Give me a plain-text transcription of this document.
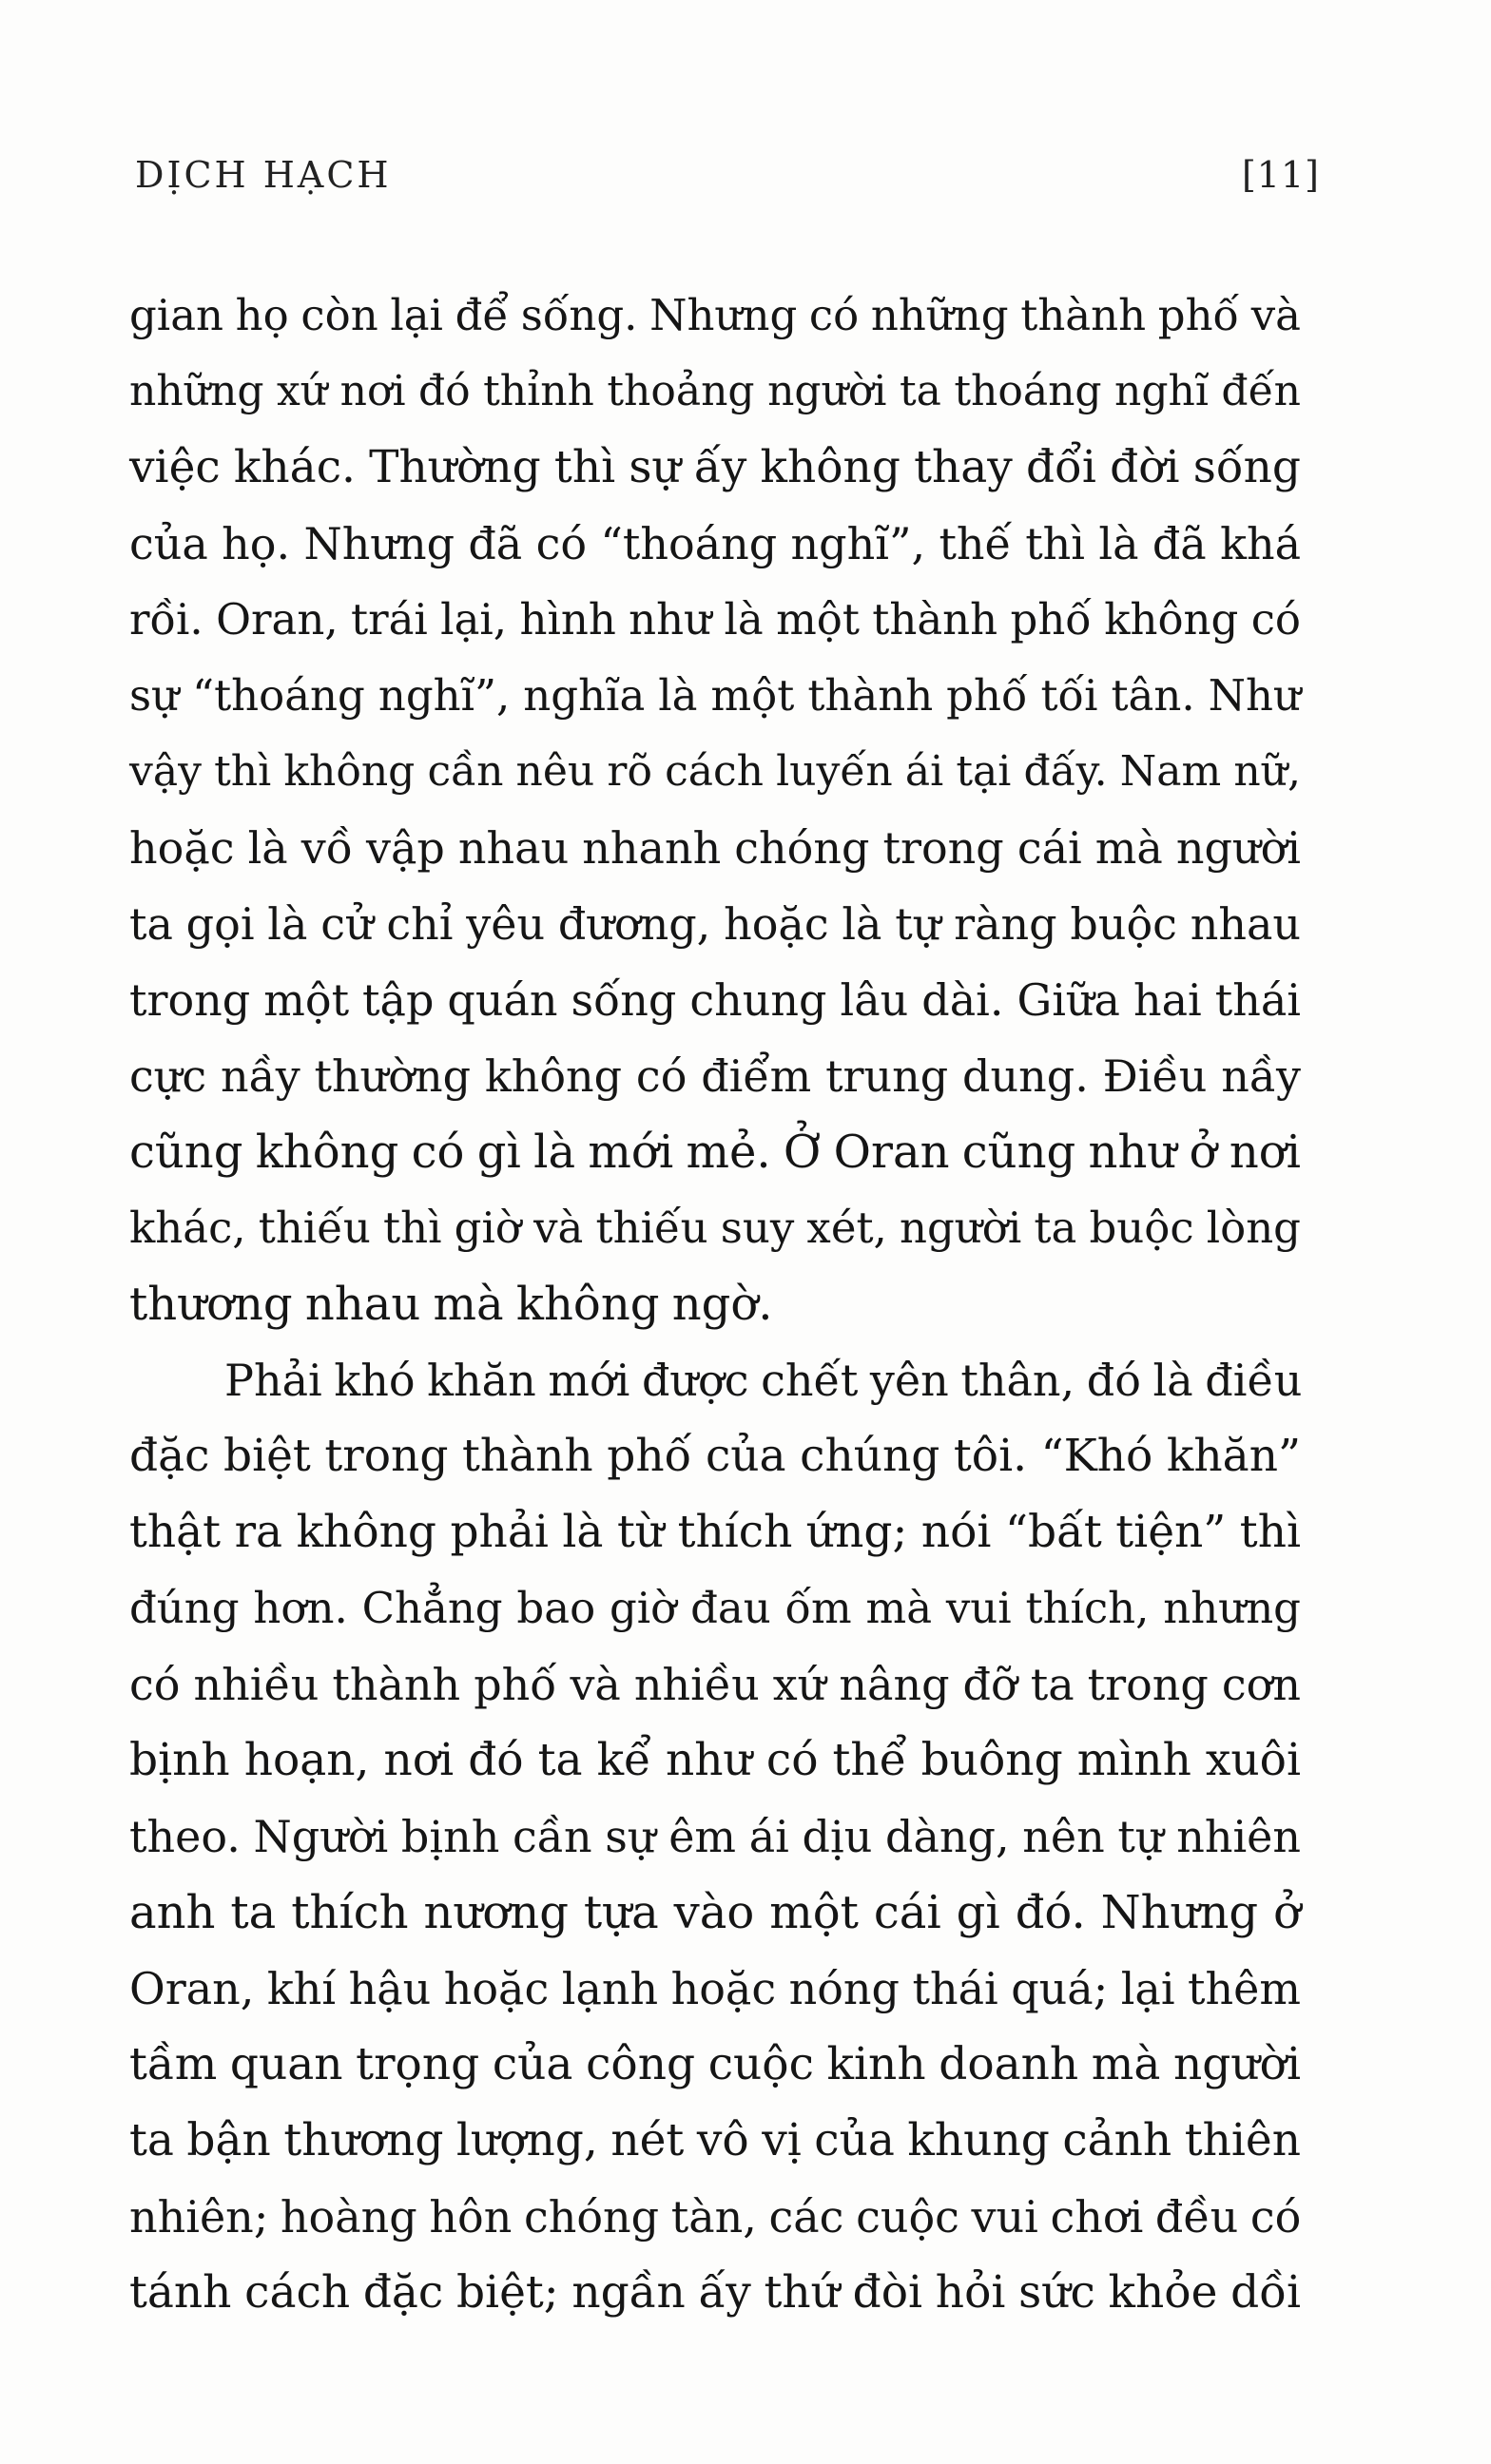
DỊCH HẠCH	[11]
gian họ còn lại để sống. Nhưng có những thành phố và
những xứ nơi đó thỉnh thoảng người ta thoáng nghĩ đến
việc khác. Thường thì sự ấy không thay đổi đời sống
của họ. Nhưng đã có “thoáng nghĩ”, thế thì là đã khá
rồi. Oran, trái lại, hình như là một thành phố không có
sự “thoáng nghĩ”, nghĩa là một thành phố tối tân. Như
vậy thì không cần nêu rõ cách luyến ái tại đấy. Nam nữ,
hoặc là vồ vập nhau nhanh chóng trong cái mà người
ta gọi là cử chỉ yêu đương, hoặc là tự ràng buộc nhau
trong một tập quán sống chung lâu dài. Giữa hai thái
cực nầy thường không có điểm trung dung. Điều nầy
cũng không có gì là mới mẻ. Ở Oran cũng như ở nơi
khác, thiếu thì giờ và thiếu suy xét, người ta buộc lòng
thương nhau mà không ngờ.
Phải khó khăn mới được chết yên thân, đó là điều
đặc biệt trong thành phố của chúng tôi. “Khó khăn”
thật ra không phải là từ thích ứng; nói “bất tiện” thì
đúng hơn. Chẳng bao giờ đau ốm mà vui thích, nhưng
có nhiều thành phố và nhiều xứ nâng đỡ ta trong cơn
bịnh hoạn, nơi đó ta kể như có thể buông mình xuôi
theo. Người bịnh cần sự êm ái dịu dàng, nên tự nhiên
anh ta thích nương tựa vào một cái gì đó. Nhưng ở
Oran, khí hậu hoặc lạnh hoặc nóng thái quá; lại thêm
tầm quan trọng của công cuộc kinh doanh mà người
ta bận thương lượng, nét vô vị của khung cảnh thiên
nhiên; hoàng hôn chóng tàn, các cuộc vui chơi đều có
tánh cách đặc biệt; ngần ấy thứ đòi hỏi sức khỏe dồi
